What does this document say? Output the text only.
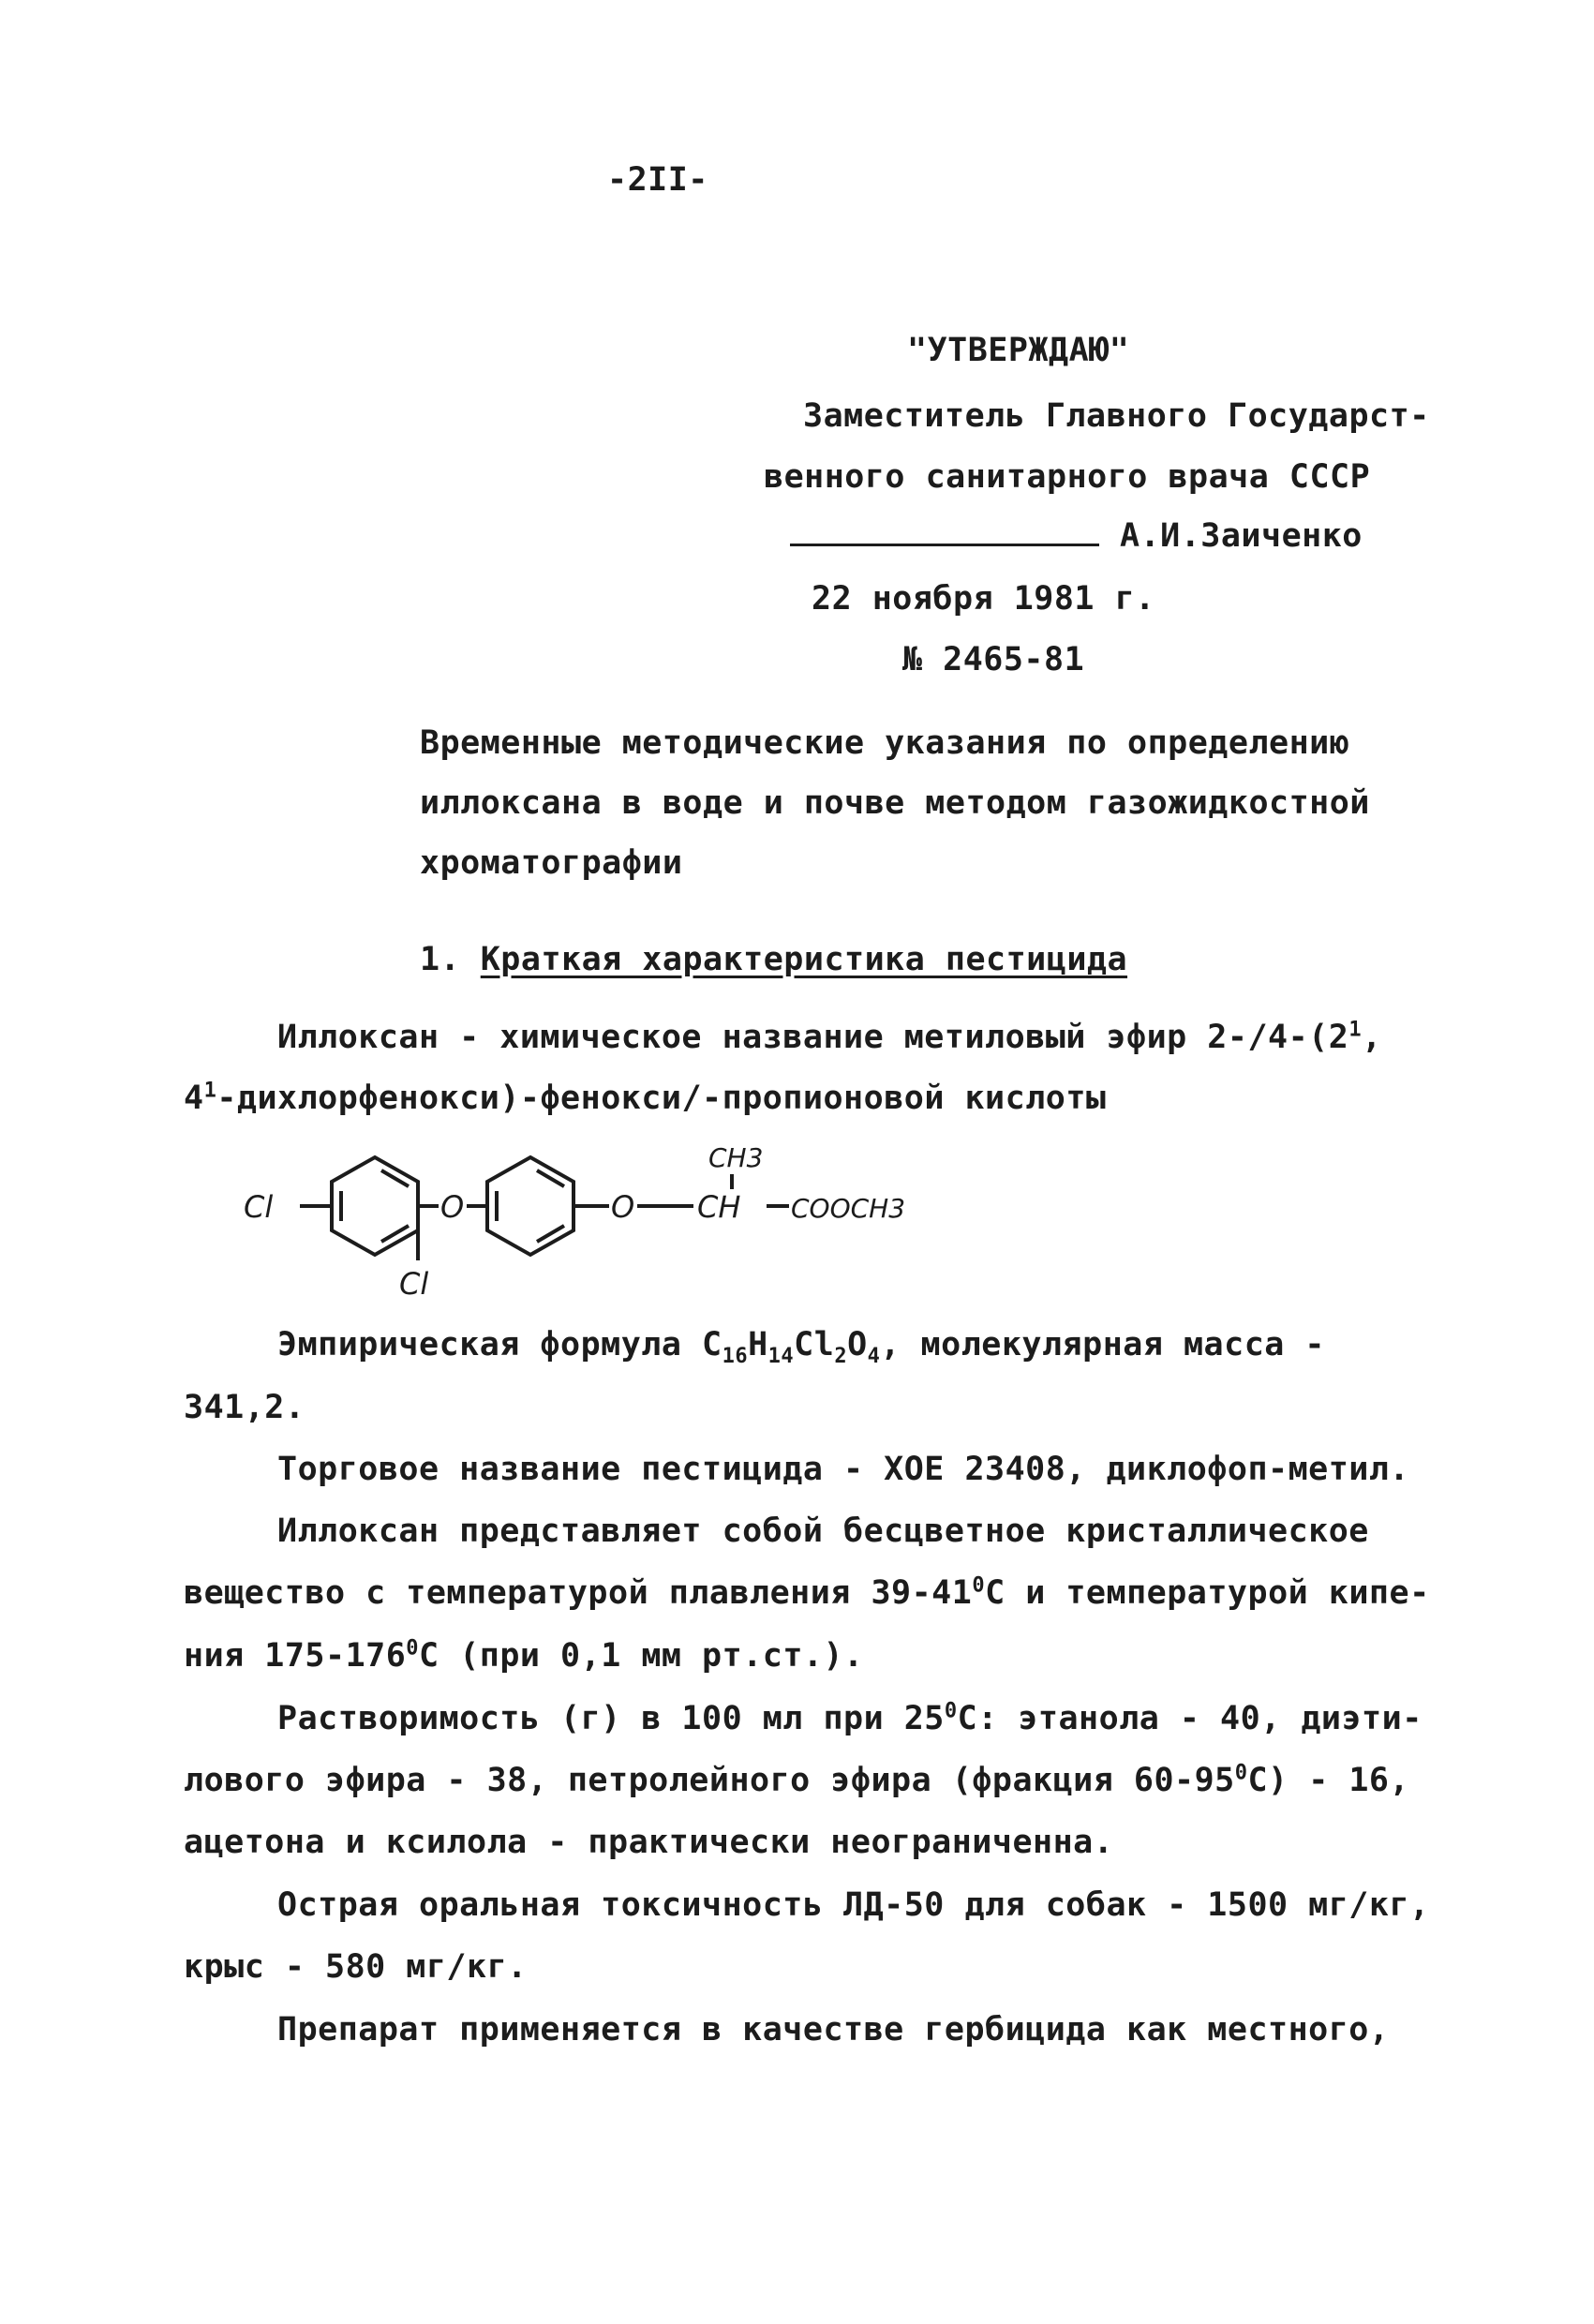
-2II-
"УТВЕРЖДАЮ"
Заместитель Главного Государст-
венного санитарного врача СССР
А.И.Заиченко
22 ноября 1981 г.
№ 2465-81
Временные методические указания по определению
иллоксана в воде и почве методом газожидкостной
хроматографии
1. Краткая характеристика пестицида
Иллоксан - химическое название метиловый эфир $2-/4-(2^1$,
$4^1-дихлорфенокси)-фенокси/$-пропионовой кислоты
Cl
Cl
O	O
CH3
CH COOCH3
Эмпирическая формула $C_{16}H_{14}Cl_2O_4$, молекулярная масса -
341,2.
Торговое название пестицида - ХОЕ 23408, диклофоп-метил.
Иллоксан представляет собой бесцветное кристаллическое
вещество с температурой плавления $39-41^0С$ и температурой кипе-
ния $175-176^0С$ (при 0,1 мм рт.ст.).
Растворимость (г) в 100 мл при $25^0С$: этанола - 40, диэти-
лового эфира - 38, петролейного эфира (фракция $60-95^0С) - 16$,
ацетона и ксилола - практически неограниченна.
Острая оральная токсичность ЛД-50 для собак - 1500 мг/кг,
крыс - 580 мг/кг.
Препарат применяется в качестве гербицида как местного,
